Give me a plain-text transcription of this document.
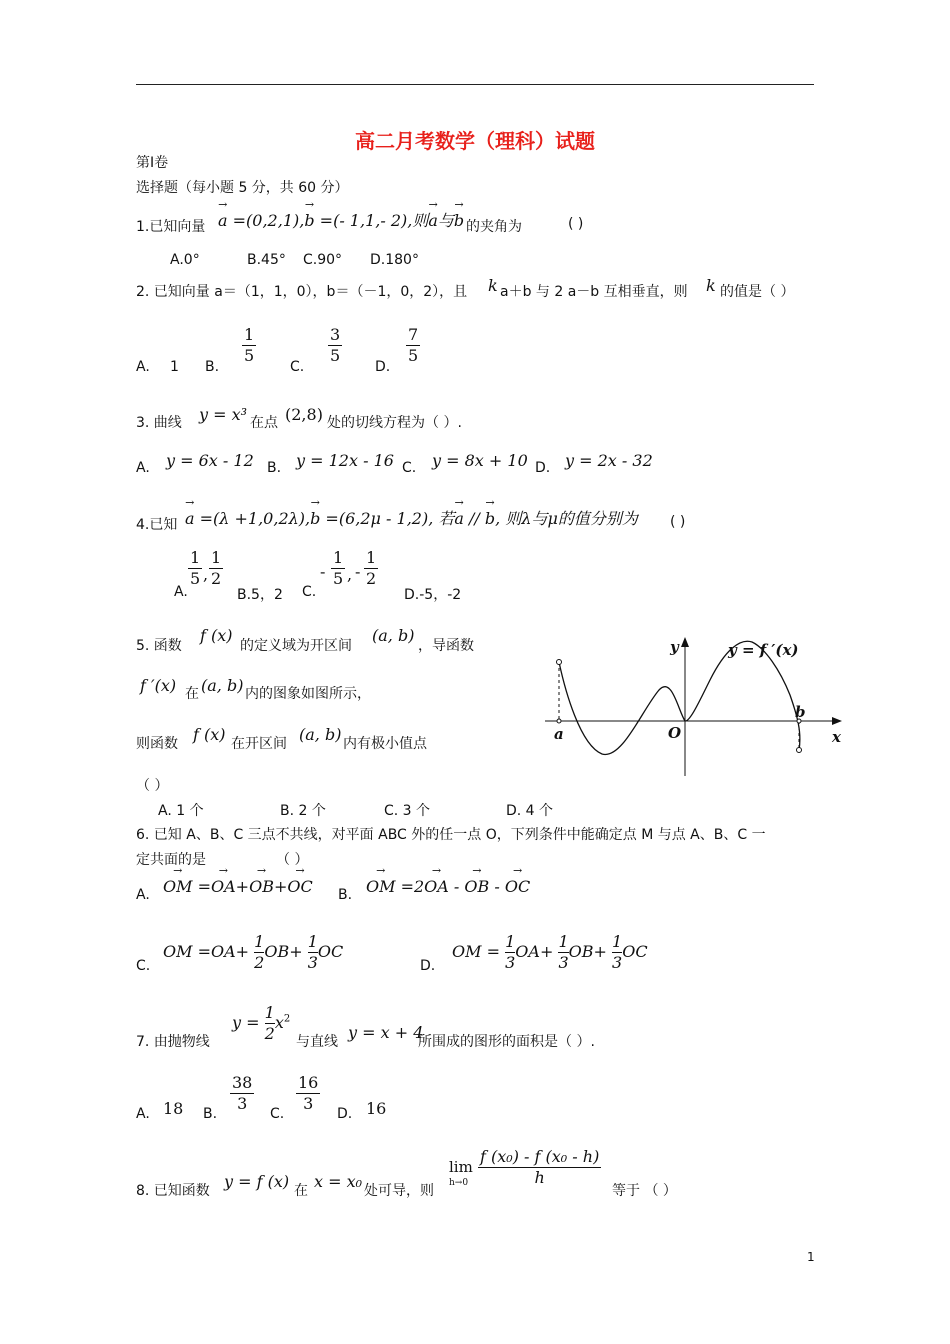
高二月考数学（理科）试题
第Ⅰ卷
选择题（每小题 5 分，共 60 分）
1.已知向量 → a =(0,2,1),→ b =(- 1,1,- 2),则→ a与→ b 的夹角为	( )
A.0°	B.45° C.90° D.180°
2. 已知向量 a＝（1，1，0），b＝（－1，0，2），且 k a＋b 与 2 a－b 互相垂直，则 k 的值是（ ）
A. 1 B.
$\frac{1}{5}$
C.
$\frac{3}{5}$
D.
$\frac{7}{5}$
3. 曲线 y = x³ 在点 (2,8) 处的切线方程为（ ）.
A. y = 6x - 12 B. y = 12x - 16 C. y = 8x + 10 D. y = 2x - 32
4.已知 → a =(λ +1,0,2λ),→ b =(6,2μ - 1,2), 若→ a // → b, 则λ与μ的值分别为 ( )
A.
$\frac{1}{5}$ , $\frac{1}{2}$
B.5，2 C.
- $\frac{1}{5}$ , - $\frac{1}{2}$
D.-5，-2
5. 函数
f (x)
的定义域为开区间
(a, b)
，导函数
f ′(x) 在 (a, b) 内的图象如图所示，
则函数 f (x) 在开区间 (a, b) 内有极小值点
（ ）
A. 1 个	B. 2 个	C. 3 个	D. 4 个
y	y = f ′(x)
x
O
a
b
6. 已知 A、B、C 三点不共线，对平面 ABC 外的任一点 O，下列条件中能确定点 M 与点 A、B、C 一
定共面的是	（ ）
A. → OM =→ OA+→ OB+→ OC B. → OM =2→ OA - → OB - → OC
C.
OM $=OA+ \frac{1}{2} OB+ \frac{1}{3}$ OC
D.
OM = $\frac{1}{3} OA+ \frac{1}{3} OB+ \frac{1}{3}$ OC
7. 由抛物线
$y = \frac{1}{2} x^2$
与直线 y = x + 4
所围成的图形的面积是（ ）.
A. 18 B. $\frac{38}{3} C$. $\frac{16}{3} D$. 16
8. 已知函数 y = f (x) 在 x = x₀ 处可导，则
lim
$h\to 0 \frac{\text{f (x₀) - f (x₀ - h)}}{h}$
等于 （ ）
1
